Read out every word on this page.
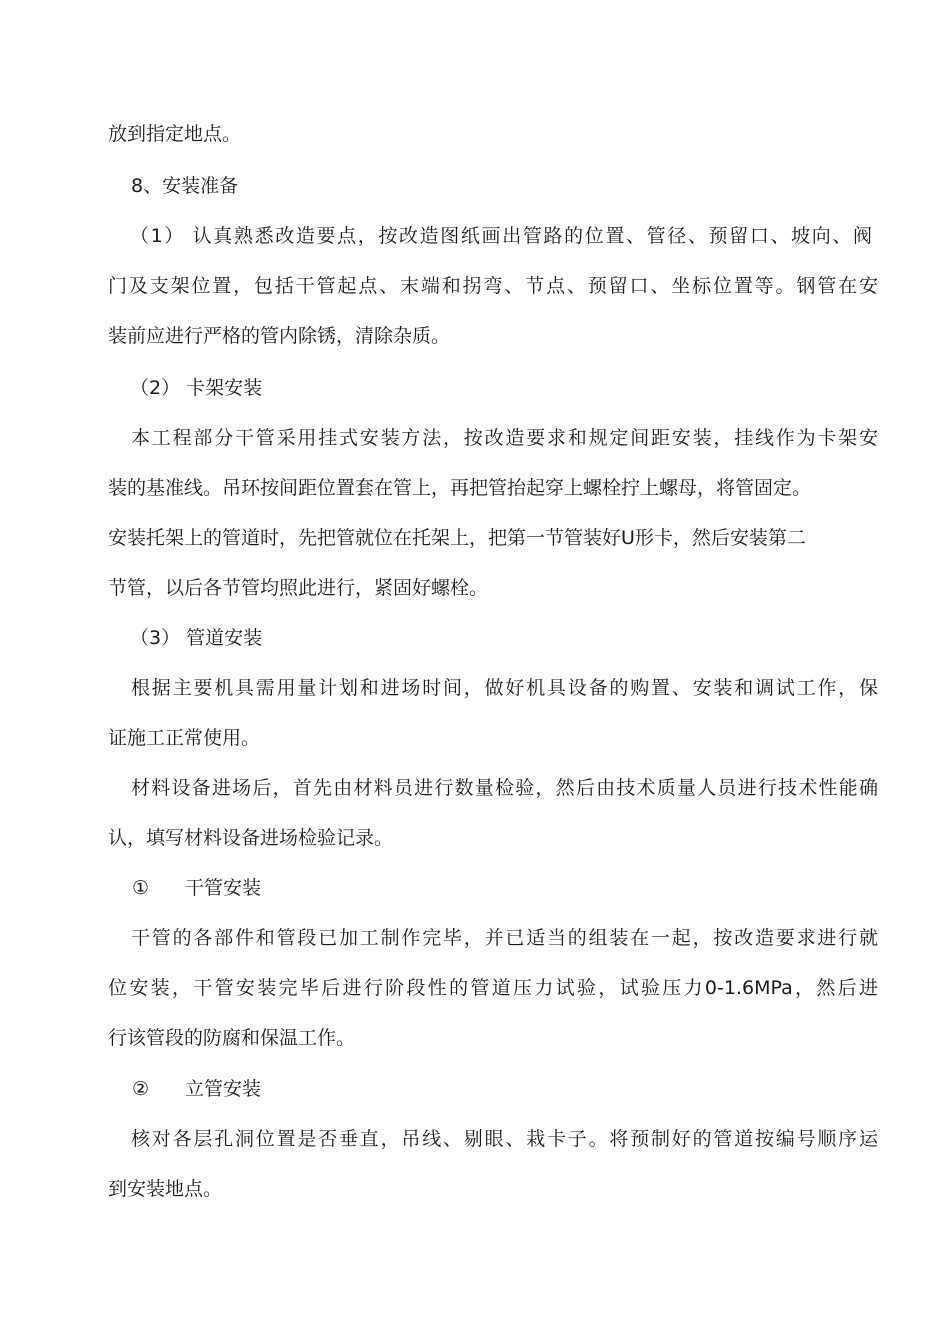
放到指定地点。
8、安装准备
（1） 认真熟悉改造要点，按改造图纸画出管路的位置、管径、预留口、坡向、阀
门及支架位置，包括干管起点、末端和拐弯、节点、预留口、坐标位置等。钢管在安
装前应进行严格的管内除锈，清除杂质。
（2） 卡架安装
本工程部分干管采用挂式安装方法，按改造要求和规定间距安装，挂线作为卡架安
装的基准线。吊环按间距位置套在管上，再把管抬起穿上螺栓拧上螺母，将管固定。
安装托架上的管道时，先把管就位在托架上，把第一节管装好U形卡，然后安装第二
节管，以后各节管均照此进行，紧固好螺栓。
（3） 管道安装
根据主要机具需用量计划和进场时间，做好机具设备的购置、安装和调试工作，保
证施工正常使用。
材料设备进场后，首先由材料员进行数量检验，然后由技术质量人员进行技术性能确
认，填写材料设备进场检验记录。
① 干管安装
干管的各部件和管段已加工制作完毕，并已适当的组装在一起，按改造要求进行就
位安装，干管安装完毕后进行阶段性的管道压力试验，试验压力0-1.6MPa，然后进
行该管段的防腐和保温工作。
② 立管安装
核对各层孔洞位置是否垂直，吊线、剔眼、栽卡子。将预制好的管道按编号顺序运
到安装地点。
